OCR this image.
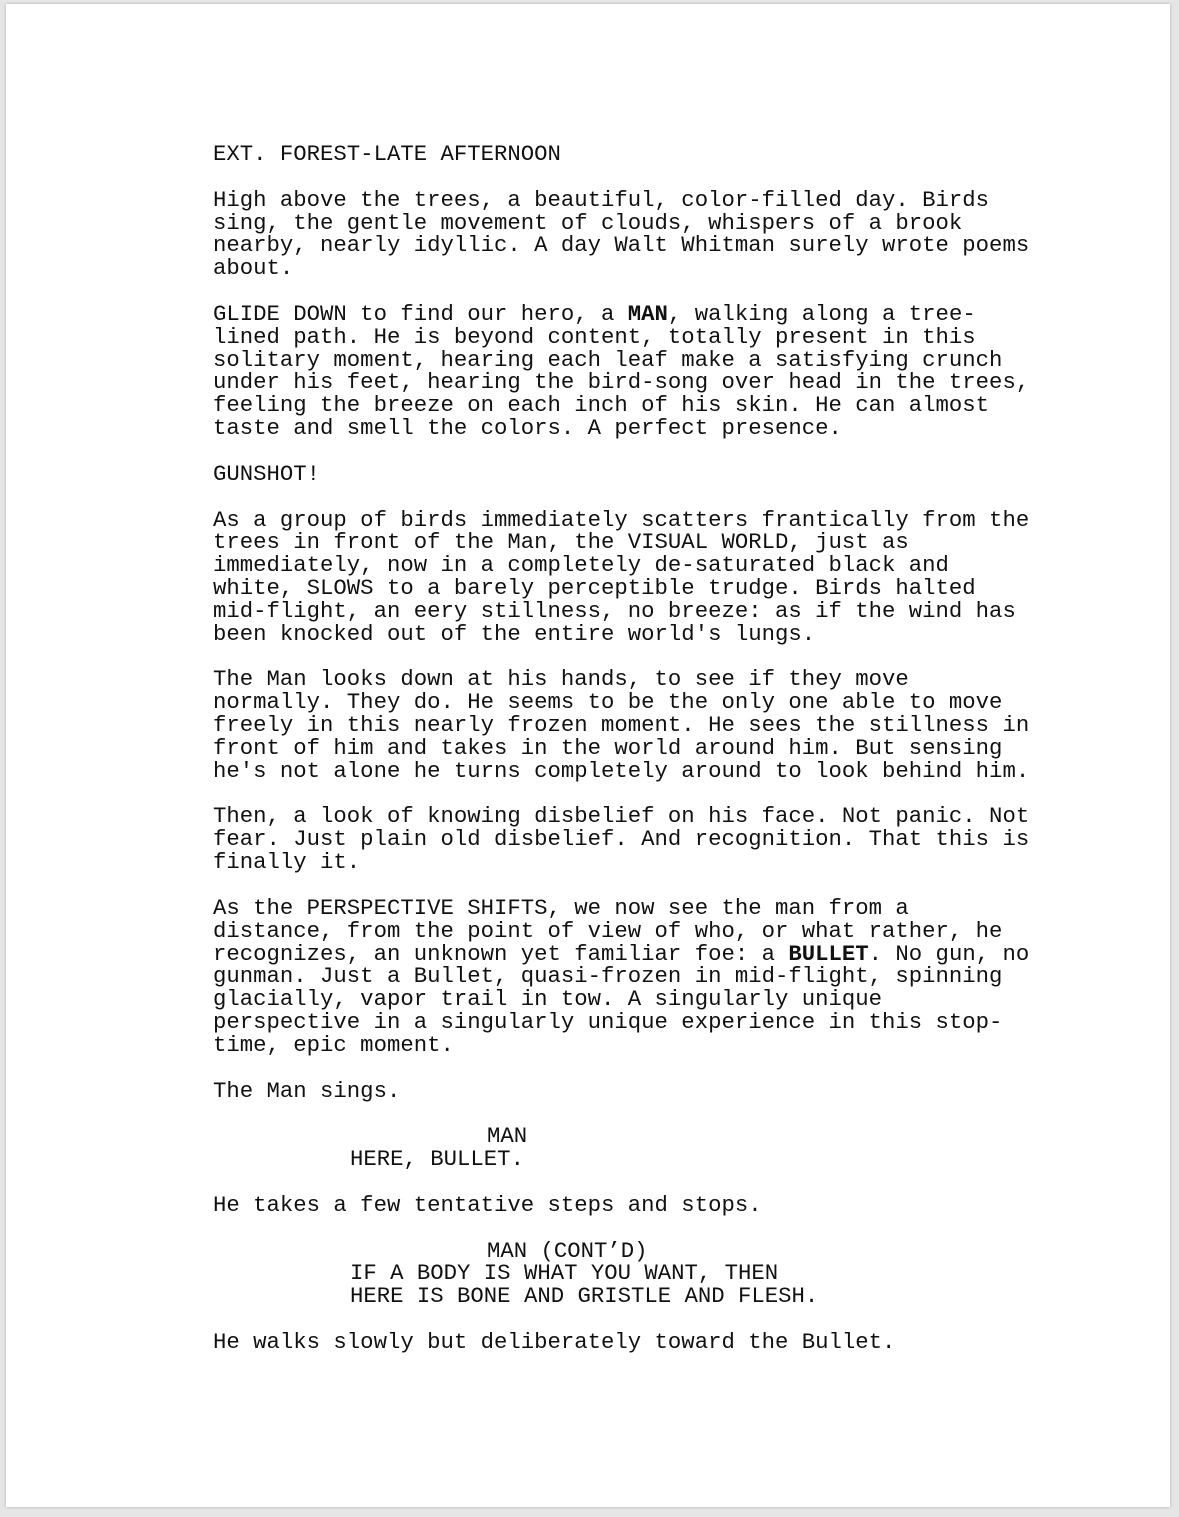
EXT. FOREST-LATE AFTERNOON
High above the trees, a beautiful, color-filled day. Birds
sing, the gentle movement of clouds, whispers of a brook
nearby, nearly idyllic. A day Walt Whitman surely wrote poems
about.
GLIDE DOWN to find our hero, a MAN, walking along a tree-
lined path. He is beyond content, totally present in this
solitary moment, hearing each leaf make a satisfying crunch
under his feet, hearing the bird-song over head in the trees,
feeling the breeze on each inch of his skin. He can almost
taste and smell the colors. A perfect presence.
GUNSHOT!
As a group of birds immediately scatters frantically from the
trees in front of the Man, the VISUAL WORLD, just as
immediately, now in a completely de-saturated black and
white, SLOWS to a barely perceptible trudge. Birds halted
mid-flight, an eery stillness, no breeze: as if the wind has
been knocked out of the entire world's lungs.
The Man looks down at his hands, to see if they move
normally. They do. He seems to be the only one able to move
freely in this nearly frozen moment. He sees the stillness in
front of him and takes in the world around him. But sensing
he's not alone he turns completely around to look behind him.
Then, a look of knowing disbelief on his face. Not panic. Not
fear. Just plain old disbelief. And recognition. That this is
finally it.
As the PERSPECTIVE SHIFTS, we now see the man from a
distance, from the point of view of who, or what rather, he
recognizes, an unknown yet familiar foe: a BULLET. No gun, no
gunman. Just a Bullet, quasi-frozen in mid-flight, spinning
glacially, vapor trail in tow. A singularly unique
perspective in a singularly unique experience in this stop-
time, epic moment.
The Man sings.
MAN
HERE, BULLET.
He takes a few tentative steps and stops.
MAN (CONT’D)
IF A BODY IS WHAT YOU WANT, THEN
HERE IS BONE AND GRISTLE AND FLESH.
He walks slowly but deliberately toward the Bullet.
